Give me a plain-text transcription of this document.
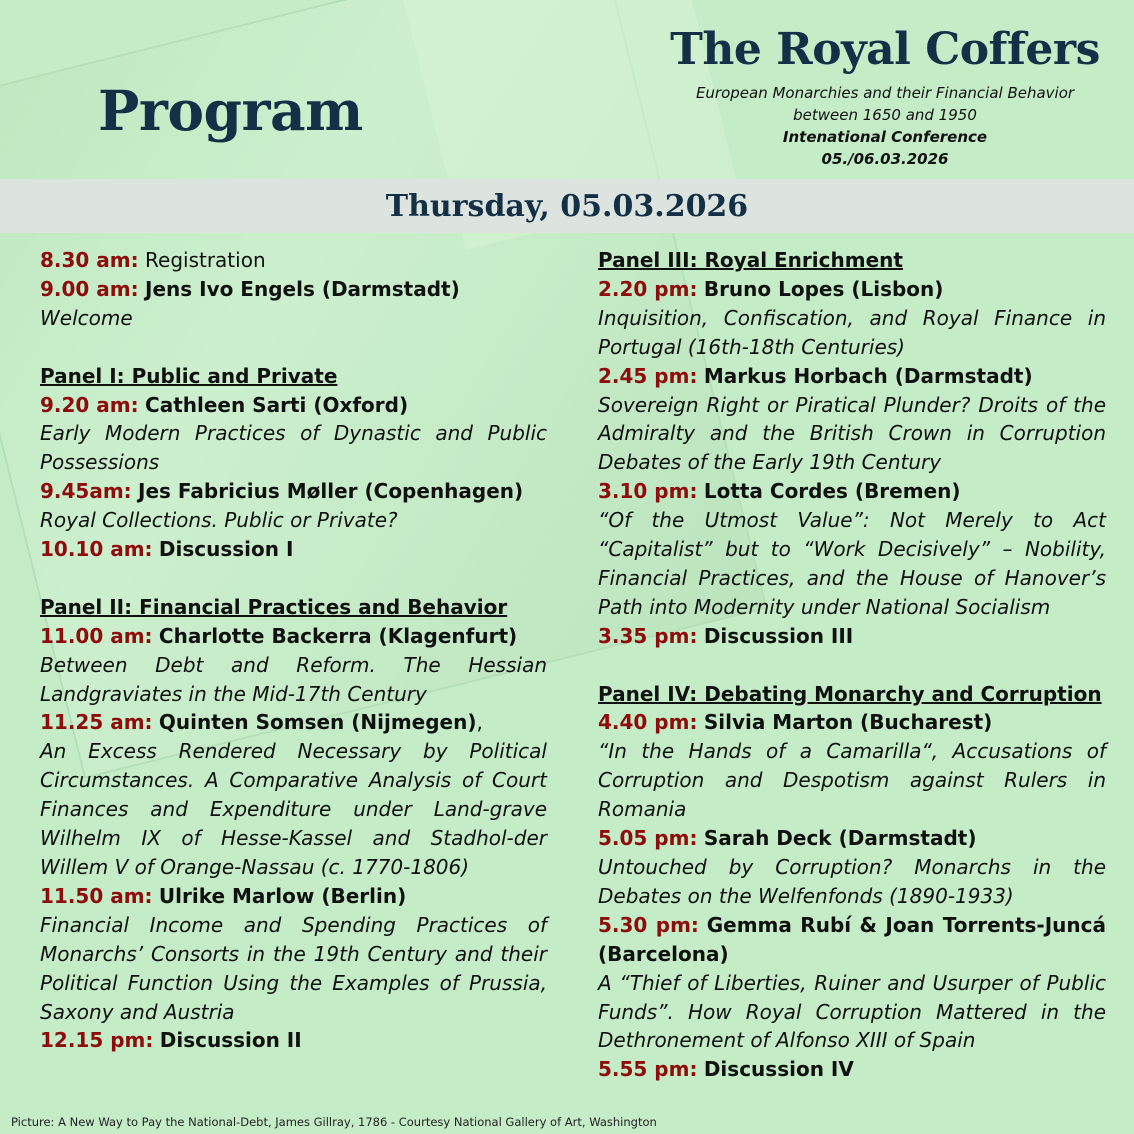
Program
The Royal Coffers

European Monarchies and their Financial Behavior
between 1650 and 1950

Intenational Conference

05./06.03.2026

Thursday, 05.03.2026

8.30 am: Registration

9.00 am: Jens Ivo Engels (Darmstadt)

Welcome

Panel I: Public and Private

9.20 am: Cathleen Sarti (Oxford)

Early Modern Practices of Dynastic and Public Possessions

9.45am: Jes Fabricius Møller (Copenhagen)

Royal Collections. Public or Private?

10.10 am: Discussion I

Panel II: Financial Practices and Behavior

11.00 am: Charlotte Backerra (Klagenfurt)

Between Debt and Reform. The Hessian Landgraviates in the Mid-17th Century

11.25 am: Quinten Somsen (Nijmegen),

An Excess Rendered Necessary by Political Circumstances. A Comparative Analysis of Court Finances and Expenditure under Land-grave Wilhelm IX of Hesse-Kassel and Stadhol-der Willem V of Orange-Nassau (c. 1770-1806)

11.50 am: Ulrike Marlow (Berlin)

Financial Income and Spending Practices of Monarchs’ Consorts in the 19th Century and their Political Function Using the Examples of Prussia, Saxony and Austria

12.15 pm: Discussion II

Panel III: Royal Enrichment

2.20 pm: Bruno Lopes (Lisbon)

Inquisition, Confiscation, and Royal Finance in Portugal (16th-18th Centuries)

2.45 pm: Markus Horbach (Darmstadt)

Sovereign Right or Piratical Plunder? Droits of the Admiralty and the British Crown in Corruption Debates of the Early 19th Century

3.10 pm: Lotta Cordes (Bremen)

“Of the Utmost Value”: Not Merely to Act “Capitalist” but to “Work Decisively” – Nobility, Financial Practices, and the House of Hanover’s Path into Modernity under National Socialism

3.35 pm: Discussion III

Panel IV: Debating Monarchy and Corruption

4.40 pm: Silvia Marton (Bucharest)

“In the Hands of a Camarilla“, Accusations of Corruption and Despotism against Rulers in Romania

5.05 pm: Sarah Deck (Darmstadt)

Untouched by Corruption? Monarchs in the Debates on the Welfenfonds (1890-1933)

5.30 pm: Gemma Rubí & Joan Torrents-Juncá (Barcelona)

A “Thief of Liberties, Ruiner and Usurper of Public Funds”. How Royal Corruption Mattered in the Dethronement of Alfonso XIII of Spain

5.55 pm: Discussion IV

Picture: A New Way to Pay the National-Debt, James Gillray, 1786 - Courtesy National Gallery of Art, Washington
